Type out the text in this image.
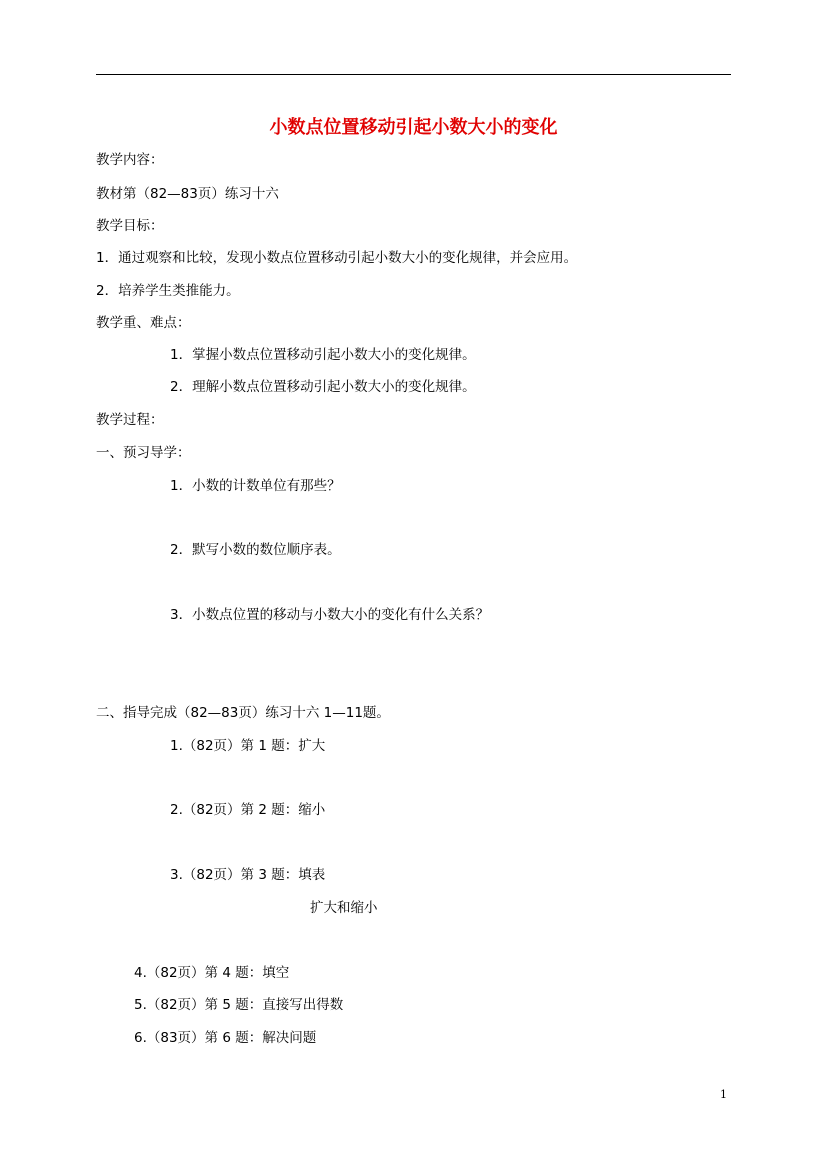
小数点位置移动引起小数大小的变化
教学内容：
教材第（82—83页）练习十六
教学目标：
1．通过观察和比较，发现小数点位置移动引起小数大小的变化规律，并会应用。
2．培养学生类推能力。
教学重、难点：
1．掌握小数点位置移动引起小数大小的变化规律。
2．理解小数点位置移动引起小数大小的变化规律。
教学过程：
一、预习导学：
1．小数的计数单位有那些？
2．默写小数的数位顺序表。
3．小数点位置的移动与小数大小的变化有什么关系？
二、指导完成（82—83页）练习十六 1—11题。
1.（82页）第 1 题：扩大
2.（82页）第 2 题：缩小
3.（82页）第 3 题：填表
扩大和缩小
4.（82页）第 4 题：填空
5.（82页）第 5 题：直接写出得数
6.（83页）第 6 题：解决问题
1
